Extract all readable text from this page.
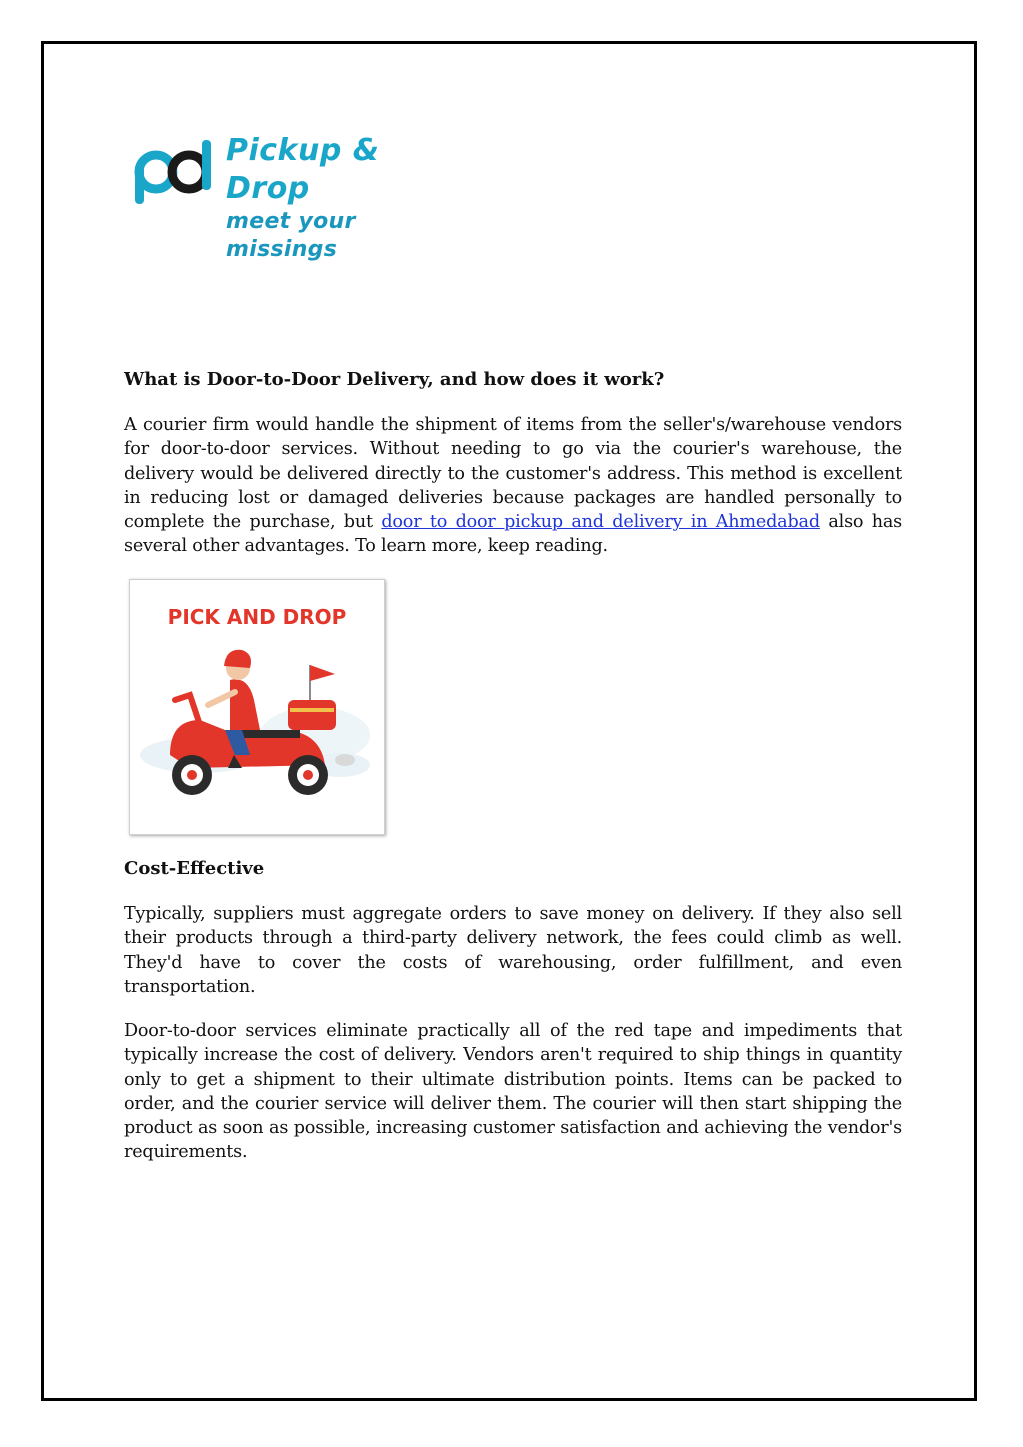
Pickup & Drop
meet your missings
What is Door-to-Door Delivery, and how does it work?

A courier firm would handle the shipment of items from the seller's/warehouse vendors for door-to-door services. Without needing to go via the courier's warehouse, the delivery would be delivered directly to the customer's address. This method is excellent in reducing lost or damaged deliveries because packages are handled personally to complete the purchase, but door to door pickup and delivery in Ahmedabad also has several other advantages. To learn more, keep reading.

Cost-Effective

Typically, suppliers must aggregate orders to save money on delivery. If they also sell their products through a third-party delivery network, the fees could climb as well. They'd have to cover the costs of warehousing, order fulfillment, and even transportation.

Door-to-door services eliminate practically all of the red tape and impediments that typically increase the cost of delivery. Vendors aren't required to ship things in quantity only to get a shipment to their ultimate distribution points. Items can be packed to order, and the courier service will deliver them. The courier will then start shipping the product as soon as possible, increasing customer satisfaction and achieving the vendor's requirements.

PICK AND DROP
